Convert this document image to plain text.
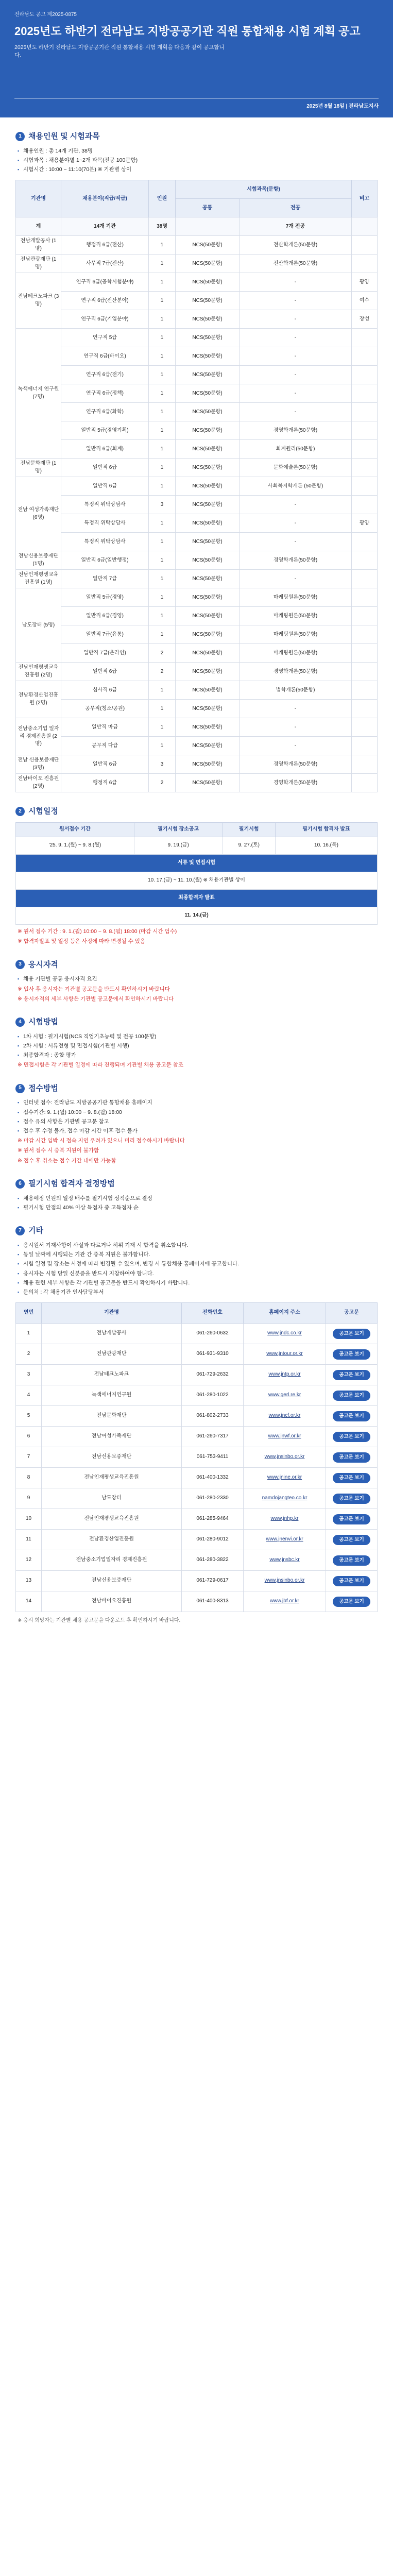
전라남도 공고 제2025-0875
2025년도 하반기 전라남도 지방공공기관 직원 통합채용 시험 계획 공고
2025년도 하반기 전라남도 지방공공기관 직원 통합채용 시험 계획을 다음과 같이 공고합니다.
2025년 8월 18일 | 전라남도지사
1 채용인원 및 시험과목
▪ 채용인원 : 총 14개 기관, 38명
▪ 시험과목 : 채용분야별 1~2개 과목(전공 100문항)
▪ 시험시간 : 10:00 ~ 11:10(70분) ※ 기관별 상이
기관명	채용분야(직급/직급)	인원	시험과목(문항)		비고
			공통	전공	
계	14개 기관	38명		7개 전공	
전남개발공사 (1명)	행정직 6급(전산)	1	NCS(50문항)	전산학개론(50문항)	
전남관광재단 (1명)	사무직 7급(전산)	1	NCS(50문항)	전산학개론(50문항)	
전남테크노파크 (3명)	연구직 6급(공학시험분야)	1	NCS(50문항)	-	광양
	연구직 6급(전산분야)	1	NCS(50문항)	-	여수
	연구직 6급(기업분야)	1	NCS(50문항)	-	장성
녹색에너지 연구원 (7명)	연구직 5급	1	NCS(50문항)	-	
	연구직 6급(바이오)	1	NCS(50문항)	-	
	연구직 6급(전기)	1	NCS(50문항)	-	
	연구직 6급(정책)	1	NCS(50문항)	-	
	연구직 6급(화학)	1	NCS(50문항)	-	
	일반직 5급(경영기획)	1	NCS(50문항)	경영학개론(50문항)	
	일반직 6급(회계)	1	NCS(50문항)	회계원리(50문항)	
전남문화재단 (1명)	일반직 6급	1	NCS(50문항)	문화예술론(50문항)	
전남 여성가족재단 (6명)	일반직 6급	1	NCS(50문항)	사회복지학개론 (50문항)	
	특정직 위탁상담사	3	NCS(50문항)	-	
	특정직 위탁상담사	1	NCS(50문항)	-	광양
	특정직 위탁상담사	1	NCS(50문항)	-	
전남신용보증재단 (1명)	일반직 6급(일반행정)	1	NCS(50문항)	경영학개론(50문항)	
전남인재평생교육진흥원 (1명)	일반직 7급	1	NCS(50문항)	-	
남도장터 (5명)	일반직 5급(경영)	1	NCS(50문항)	마케팅원론(50문항)	
	일반직 6급(경영)	1	NCS(50문항)	마케팅원론(50문항)	
	일반직 7급(유통)	1	NCS(50문항)	마케팅원론(50문항)	
	일반직 7급(온라인)	2	NCS(50문항)	마케팅원론(50문항)	
전남인재평생교육진흥원 (2명)	일반직 6급	2	NCS(50문항)	경영학개론(50문항)	
전남환경산업진흥원 (2명)	심사직 6급	1	NCS(50문항)	법학개론(50문항)	
	공무직(청소/공원)	1	NCS(50문항)	-	
전남중소기업 일자리 경제진흥원 (2명)	일반직 마급	1	NCS(50문항)	-	
	공무직 다급	1	NCS(50문항)	-	
전남 신용보증재단 (3명)	일반직 6급	3	NCS(50문항)	경영학개론(50문항)	
전남바이오 진흥원 (2명)	행정직 6급	2	NCS(50문항)	경영학개론(50문항)	
2 시험일정
원서접수 기간	필기시험 장소공고	필기시험	필기시험 합격자 발표
'25. 9. 1.(월) ~ 9. 8.(월)	9. 19.(금)	9. 27.(토)	10. 16.(목)
서류 및 면접시험			
10. 17.(금) ~ 11. 10.(월) ※ 채용기관별 상이			
최종합격자 발표			
11. 14.(금)			
※ 원서 접수 기간 : 9. 1.(월) 10:00 ~ 9. 8.(월) 18:00 (마감 시간 엄수)
※ 합격자발표 및 일정 등은 사정에 따라 변경될 수 있음
3 응시자격
▪ 채용 기관별 공통 응시자격 요건
※ 입사 후 응시자는 기관별 공고문을 반드시 확인하시기 바랍니다
※ 응시자격의 세부 사항은 기관별 공고문에서 확인하시기 바랍니다
4 시험방법
▪ 1차 시험 : 필기시험(NCS 직업기초능력 및 전공 100문항)
▪ 2차 시험 : 서류전형 및 면접시험(기관별 시행)
▪ 최종합격자 : 종합 평가
※ 면접시험은 각 기관별 일정에 따라 진행되며 기관별 채용 공고문 참조
5 접수방법
▪ 인터넷 접수: 전라남도 지방공공기관 통합채용 홈페이지
▪ 접수기간: 9. 1.(월) 10:00 ~ 9. 8.(월) 18:00
▪ 접수 유의 사항은 기관별 공고문 참고
▪ 접수 후 수정 불가, 접수 마감 시간 이후 접수 불가
※ 마감 시간 임박 시 접속 지연 우려가 있으니 미리 접수하시기 바랍니다
※ 원서 접수 시 중복 지원이 불가함
※ 접수 후 취소는 접수 기간 내에만 가능함
6 필기시험 합격자 결정방법
▪ 채용예정 인원의 일정 배수를 필기시험 성적순으로 결정
▪ 필기시험 만점의 40% 이상 득점자 중 고득점자 순
7 기타
▪ 응시원서 기재사항이 사실과 다르거나 허위 기재 시 합격을 취소합니다.
▪ 동일 날짜에 시행되는 기관 간 중복 지원은 불가합니다.
▪ 시험 일정 및 장소는 사정에 따라 변경될 수 있으며, 변경 시 통합채용 홈페이지에 공고합니다.
▪ 응시자는 시험 당일 신분증을 반드시 지참하여야 합니다.
▪ 채용 관련 세부 사항은 각 기관별 공고문을 반드시 확인하시기 바랍니다.
▪ 문의처 : 각 채용기관 인사담당부서
연번	기관명	전화번호	홈페이지 주소	공고문
1	전남개발공사	061-260-0632	www.jndc.co.kr	공고문 보기
2	전남관광재단	061-931-9310	www.jntour.or.kr	공고문 보기
3	전남테크노파크	061-729-2632	www.jntp.or.kr	공고문 보기
4	녹색에너지연구원	061-280-1022	www.gerl.re.kr	공고문 보기
5	전남문화재단	061-802-2733	www.jncf.or.kr	공고문 보기
6	전남여성가족재단	061-260-7317	www.jnwf.or.kr	공고문 보기
7	전남신용보증재단	061-753-9411	www.jnsinbo.or.kr	공고문 보기
8	전남인재평생교육진흥원	061-400-1332	www.jnine.or.kr	공고문 보기
9	남도장터	061-280-2330	namdojangteo.co.kr	공고문 보기
10	전남인재평생교육진흥원	061-285-9464	www.jnhp.kr	공고문 보기
11	전남환경산업진흥원	061-280-9012	www.jnenvi.or.kr	공고문 보기
12	전남중소기업일자리 경제진흥원	061-280-3822	www.jnsbc.kr	공고문 보기
13	전남신용보증재단	061-729-0617	www.jnsinbo.or.kr	공고문 보기
14	전남바이오진흥원	061-400-8313	www.jbf.or.kr	공고문 보기
※ 응시 희망자는 기관별 채용 공고문을 다운로드 후 확인하시기 바랍니다.
